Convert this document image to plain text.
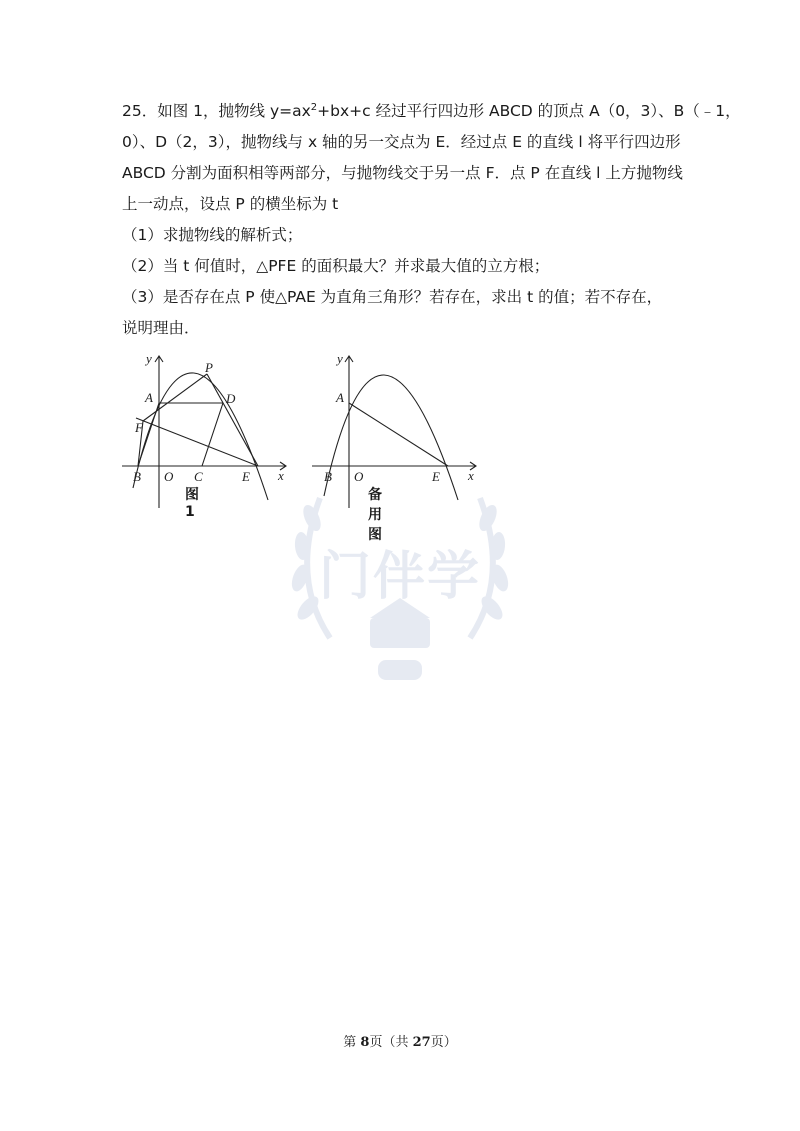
门伴学
25．如图 1，抛物线 $y=ax^2+bx+c$ 经过平行四边形 ABCD 的顶点 A（0，3）、B（﹣1，
0）、D（2，3），抛物线与 x 轴的另一交点为 E．经过点 E 的直线 l 将平行四边形
ABCD 分割为面积相等两部分，与抛物线交于另一点 F．点 P 在直线 l 上方抛物线
上一动点，设点 P 的横坐标为 t
（1）求抛物线的解析式；
（2）当 t 何值时，△PFE 的面积最大？并求最大值的立方根；
（3）是否存在点 P 使△PAE 为直角三角形？若存在，求出 t 的值；若不存在，
说明理由．
y
x
A	D
P
F
B O C	E
图1
y
x
A
B O	E
备用图
第 8页（共 27页）
